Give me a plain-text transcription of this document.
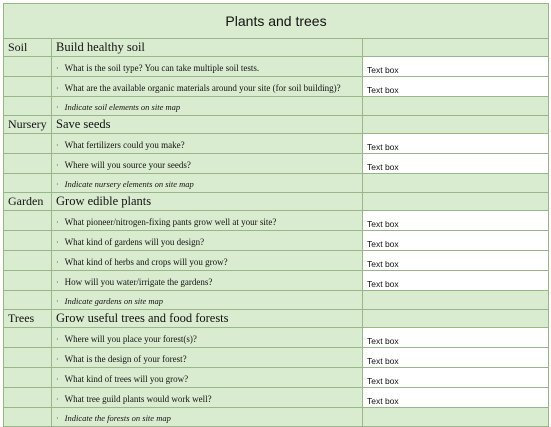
Plants and trees		
Soil	Build healthy soil	
	· What is the soil type? You can take multiple soil tests.	Text box
	· What are the available organic materials around your site (for soil building)?	Text box
	· Indicate soil elements on site map	
Nursery	Save seeds	
	· What fertilizers could you make?	Text box
	· Where will you source your seeds?	Text box
	· Indicate nursery elements on site map	
Garden	Grow edible plants	
	· What pioneer/nitrogen-fixing pants grow well at your site?	Text box
	· What kind of gardens will you design?	Text box
	· What kind of herbs and crops will you grow?	Text box
	· How will you water/irrigate the gardens?	Text box
	· Indicate gardens on site map	
Trees	Grow useful trees and food forests	
	· Where will you place your forest(s)?	Text box
	· What is the design of your forest?	Text box
	· What kind of trees will you grow?	Text box
	· What tree guild plants would work well?	Text box
	· Indicate the forests on site map	
